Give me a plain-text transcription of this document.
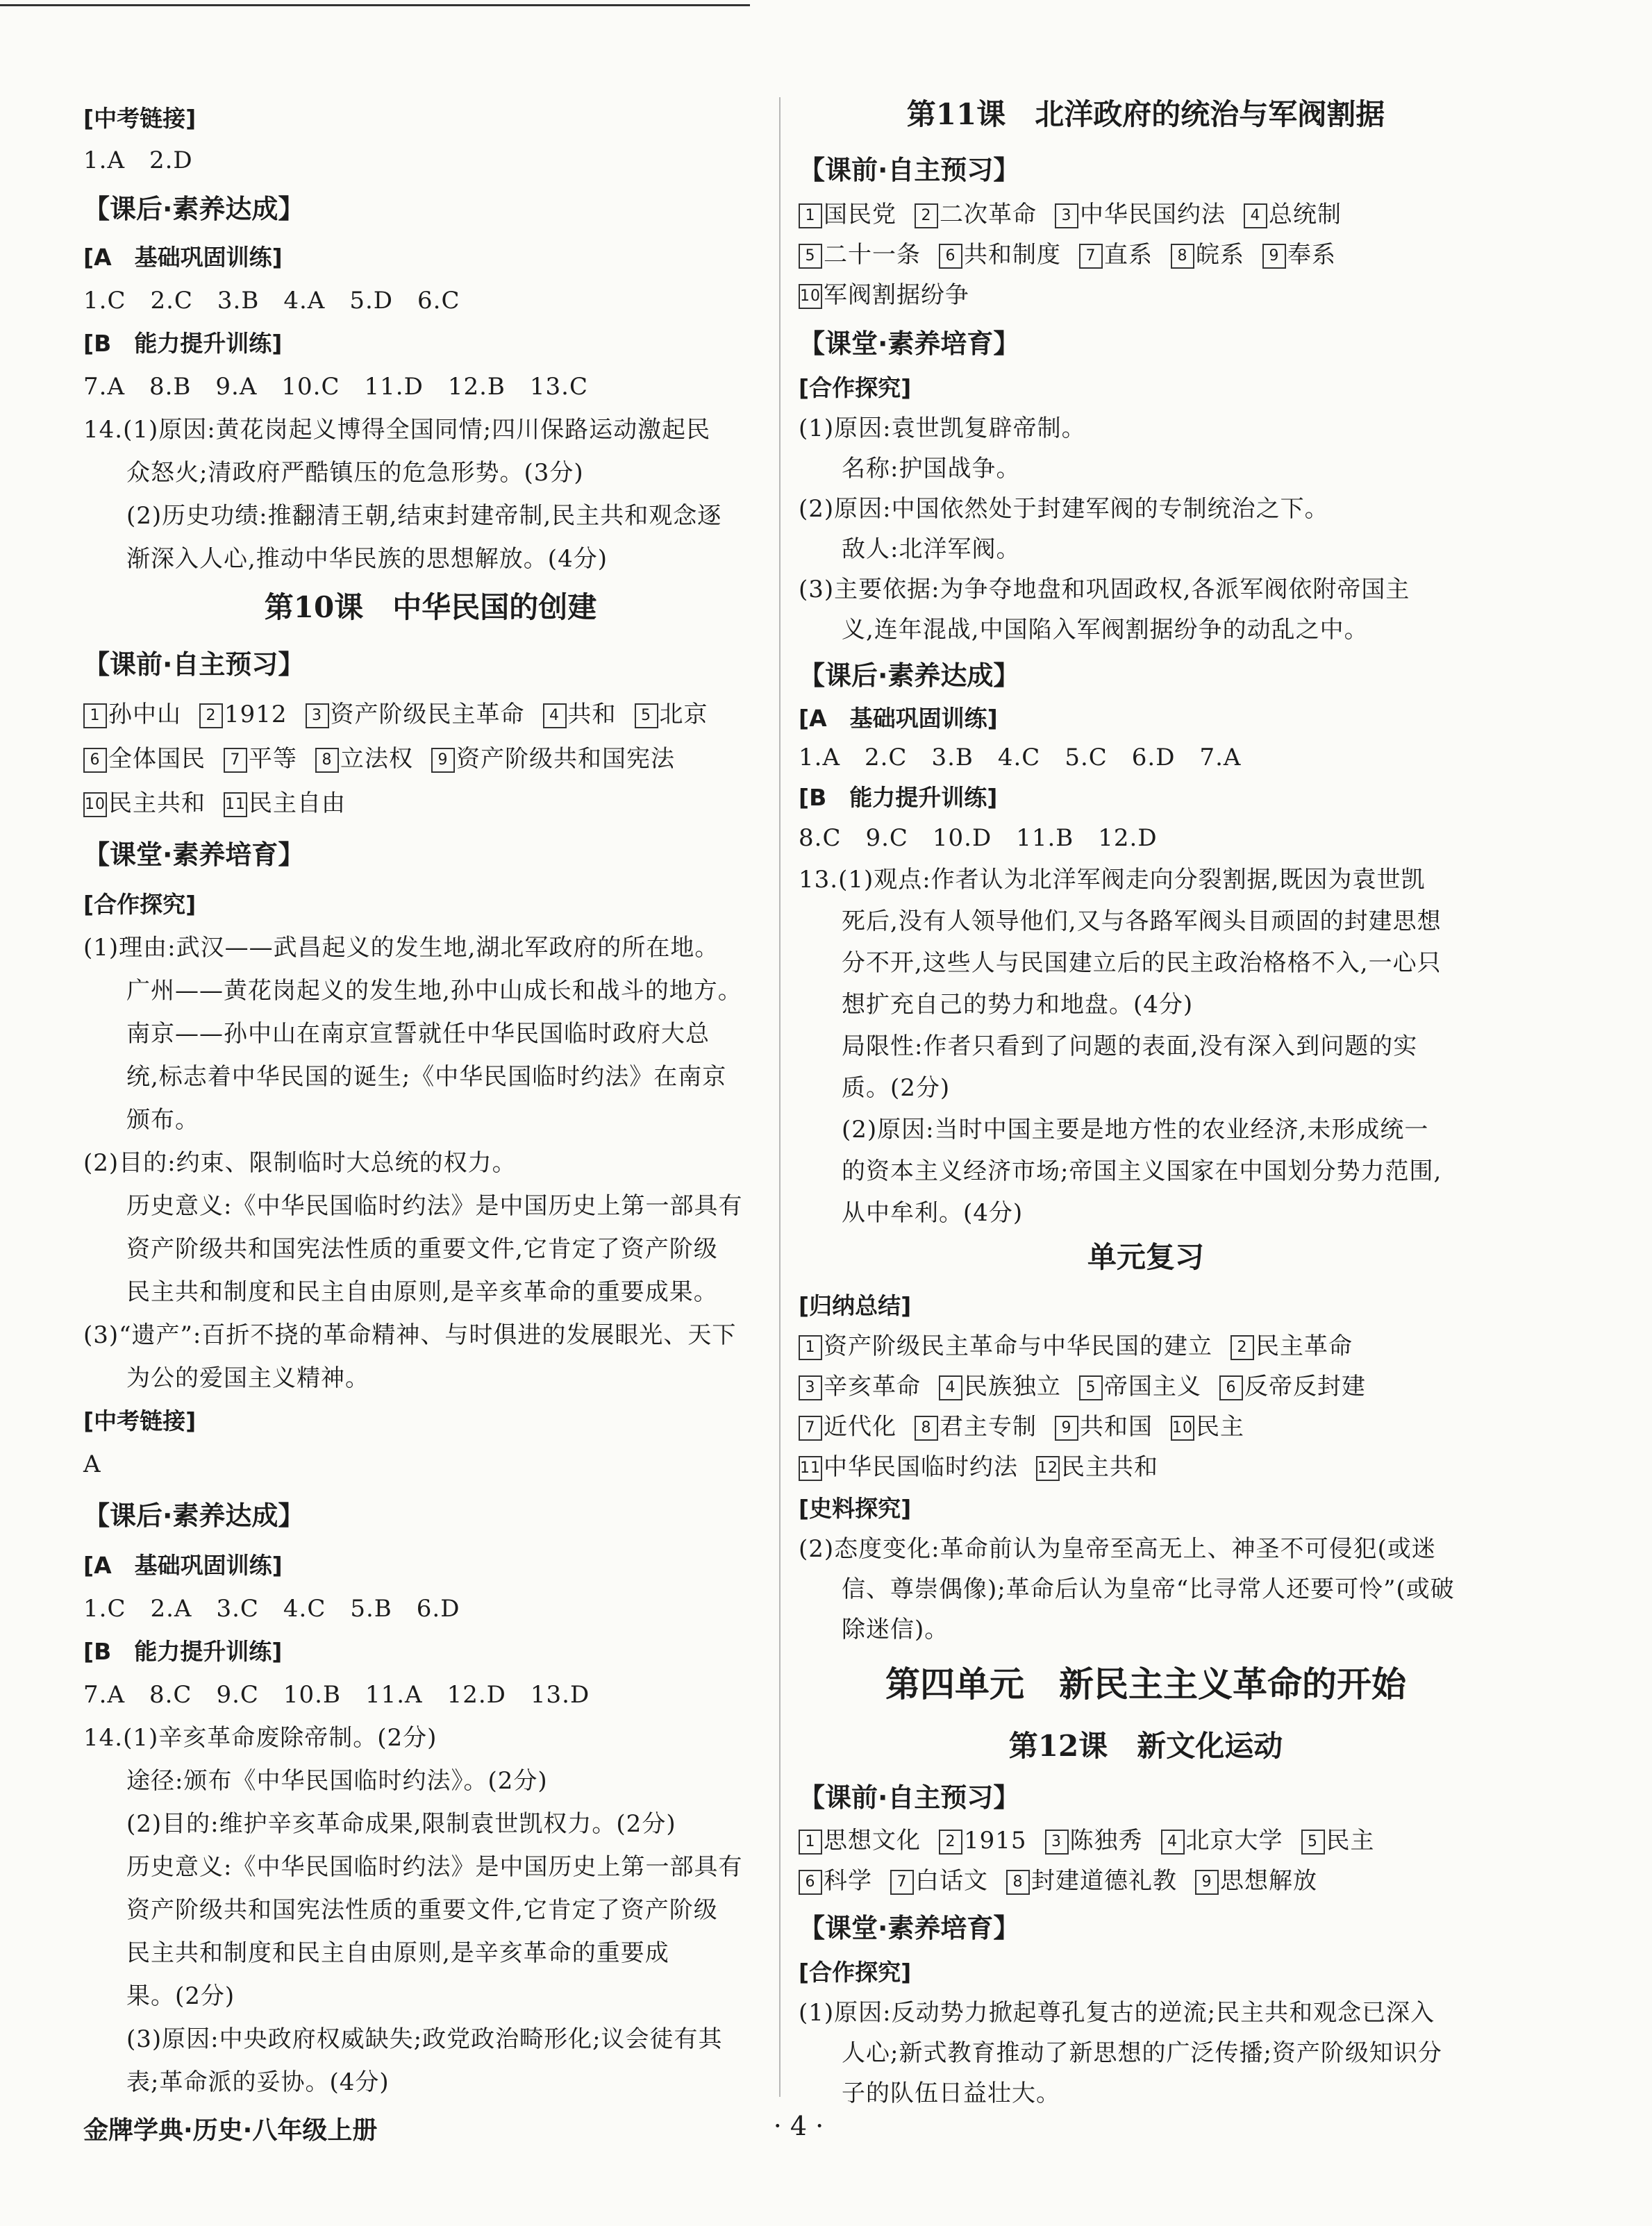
[中考链接]
1.A　2.D
【课后·素养达成】
[A　基础巩固训练]
1.C　2.C　3.B　4.A　5.D　6.C
[B　能力提升训练]
7.A　8.B　9.A　10.C　11.D　12.B　13.C
14.(1)原因:黄花岗起义博得全国同情;四川保路运动激起民
众怒火;清政府严酷镇压的危急形势。(3分)
(2)历史功绩:推翻清王朝,结束封建帝制,民主共和观念逐
渐深入人心,推动中华民族的思想解放。(4分)
第10课　中华民国的创建
【课前·自主预习】
1 孙中山 2 1912 3 资产阶级民主革命 4 共和 5 北京
6 全体国民 7 平等 8 立法权 9 资产阶级共和国宪法
10 民主共和 11 民主自由
【课堂·素养培育】
[合作探究]
(1)理由:武汉——武昌起义的发生地,湖北军政府的所在地。
广州——黄花岗起义的发生地,孙中山成长和战斗的地方。
南京——孙中山在南京宣誓就任中华民国临时政府大总
统,标志着中华民国的诞生;《中华民国临时约法》在南京
颁布。
(2)目的:约束、限制临时大总统的权力。
历史意义:《中华民国临时约法》是中国历史上第一部具有
资产阶级共和国宪法性质的重要文件,它肯定了资产阶级
民主共和制度和民主自由原则,是辛亥革命的重要成果。
(3)“遗产”:百折不挠的革命精神、与时俱进的发展眼光、天下
为公的爱国主义精神。
[中考链接]
A
【课后·素养达成】
[A　基础巩固训练]
1.C　2.A　3.C　4.C　5.B　6.D
[B　能力提升训练]
7.A　8.C　9.C　10.B　11.A　12.D　13.D
14.(1)辛亥革命废除帝制。(2分)
途径:颁布《中华民国临时约法》。(2分)
(2)目的:维护辛亥革命成果,限制袁世凯权力。(2分)
历史意义:《中华民国临时约法》是中国历史上第一部具有
资产阶级共和国宪法性质的重要文件,它肯定了资产阶级
民主共和制度和民主自由原则,是辛亥革命的重要成
果。(2分)
(3)原因:中央政府权威缺失;政党政治畸形化;议会徒有其
表;革命派的妥协。(4分)
第11课　北洋政府的统治与军阀割据
【课前·自主预习】
1 国民党 2 二次革命 3 中华民国约法 4 总统制
5 二十一条 6 共和制度 7 直系 8 皖系 9 奉系
10 军阀割据纷争
【课堂·素养培育】
[合作探究]
(1)原因:袁世凯复辟帝制。
名称:护国战争。
(2)原因:中国依然处于封建军阀的专制统治之下。
敌人:北洋军阀。
(3)主要依据:为争夺地盘和巩固政权,各派军阀依附帝国主
义,连年混战,中国陷入军阀割据纷争的动乱之中。
【课后·素养达成】
[A　基础巩固训练]
1.A　2.C　3.B　4.C　5.C　6.D　7.A
[B　能力提升训练]
8.C　9.C　10.D　11.B　12.D
13.(1)观点:作者认为北洋军阀走向分裂割据,既因为袁世凯
死后,没有人领导他们,又与各路军阀头目顽固的封建思想
分不开,这些人与民国建立后的民主政治格格不入,一心只
想扩充自己的势力和地盘。(4分)
局限性:作者只看到了问题的表面,没有深入到问题的实
质。(2分)
(2)原因:当时中国主要是地方性的农业经济,未形成统一
的资本主义经济市场;帝国主义国家在中国划分势力范围,
从中牟利。(4分)
单元复习
[归纳总结]
1 资产阶级民主革命与中华民国的建立 2 民主革命
3 辛亥革命 4 民族独立 5 帝国主义 6 反帝反封建
7 近代化 8 君主专制 9 共和国 10 民主
11 中华民国临时约法 12 民主共和
[史料探究]
(2)态度变化:革命前认为皇帝至高无上、神圣不可侵犯(或迷
信、尊崇偶像);革命后认为皇帝“比寻常人还要可怜”(或破
除迷信)。
第四单元　新民主主义革命的开始
第12课　新文化运动
【课前·自主预习】
1 思想文化 2 1915 3 陈独秀 4 北京大学 5 民主
6 科学 7 白话文 8 封建道德礼教 9 思想解放
【课堂·素养培育】
[合作探究]
(1)原因:反动势力掀起尊孔复古的逆流;民主共和观念已深入
人心;新式教育推动了新思想的广泛传播;资产阶级知识分
子的队伍日益壮大。
金牌学典·历史·八年级上册	· 4 ·
